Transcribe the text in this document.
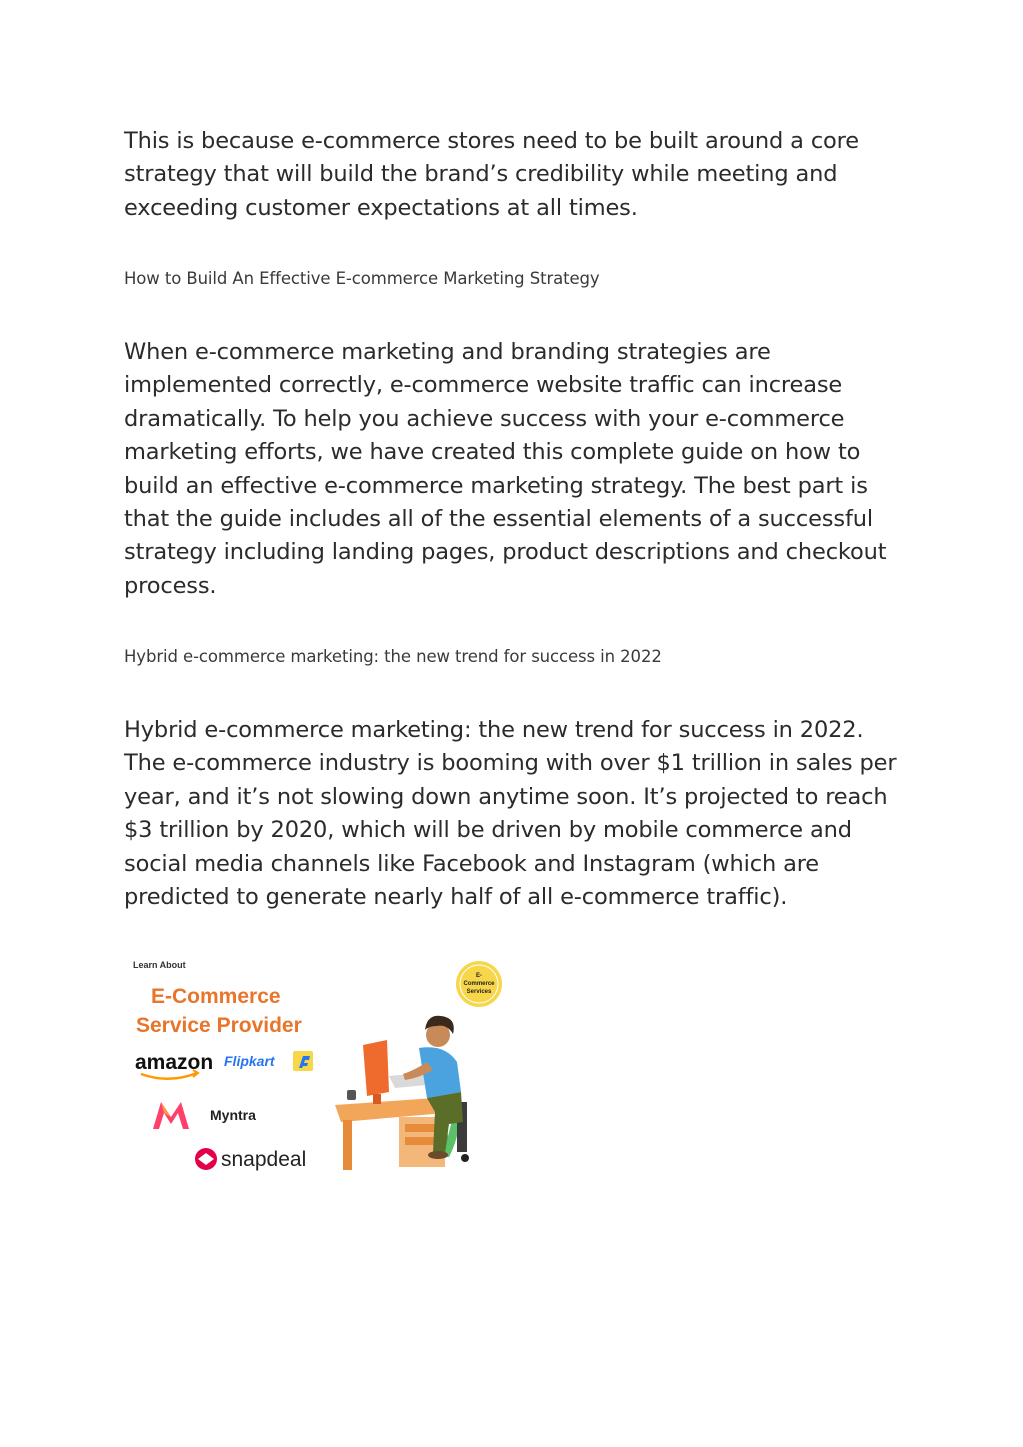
This is because e-commerce stores need to be built around a core strategy that will build the brand’s credibility while meeting and exceeding customer expectations at all times.

How to Build An Effective E-commerce Marketing Strategy

When e-commerce marketing and branding strategies are implemented correctly, e-commerce website traffic can increase dramatically. To help you achieve success with your e-commerce marketing efforts, we have created this complete guide on how to build an effective e-commerce marketing strategy. The best part is that the guide includes all of the essential elements of a successful strategy including landing pages, product descriptions and checkout process.

Hybrid e-commerce marketing: the new trend for success in 2022

Hybrid e-commerce marketing: the new trend for success in 2022. The e-commerce industry is booming with over $1 trillion in sales per year, and it’s not slowing down anytime soon. It’s projected to reach $3 trillion by 2020, which will be driven by mobile commerce and social media channels like Facebook and Instagram (which are predicted to generate nearly half of all e-commerce traffic).

Learn About
E-Commerce
Service Provider
amazon Flipkart
Myntra
snapdeal
E-
Commerce
Services
